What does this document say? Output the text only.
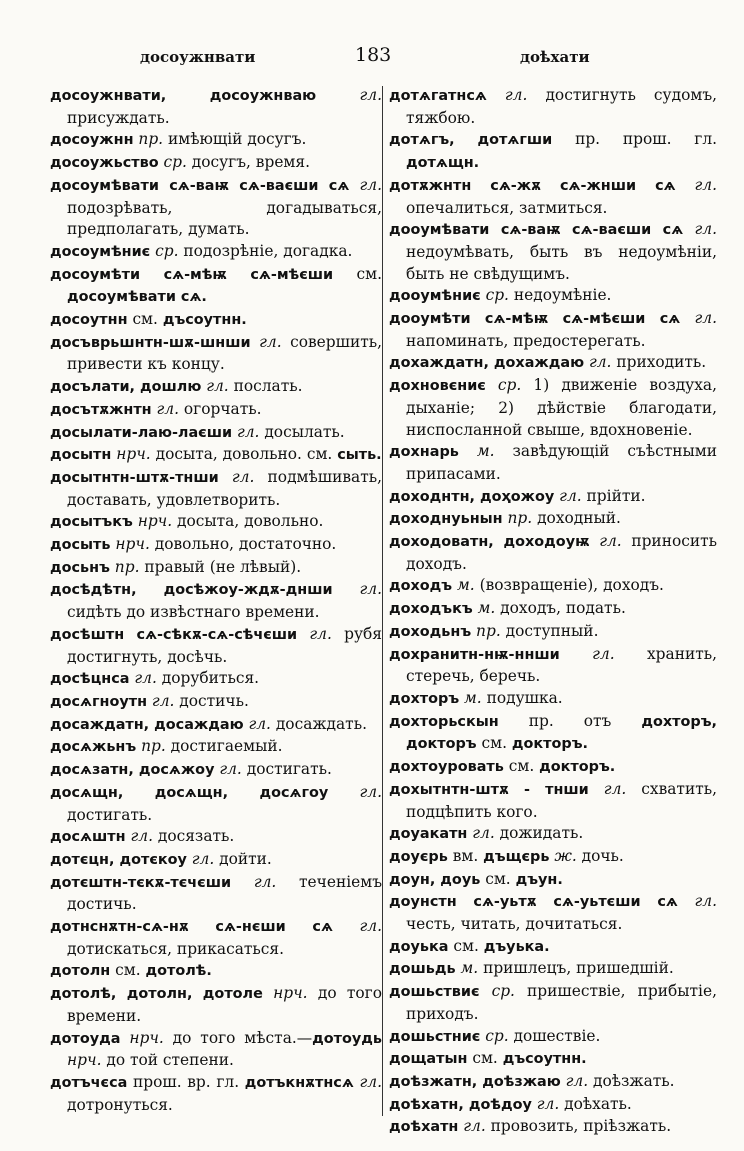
досоужнвати	183	доѣхати

досоужнвати, досоужнваю гл. присуждать.

досоужнн пр. имѣющій досугъ.

досоужьство ср. досугъ, время.

досоумѣвати сѧ-ваѭ сѧ-ваєши сѧ гл. подозрѣвать, догадываться, предполагать, думать.

досоумѣниє ср. подозрѣніе, догадка.

досоумѣти сѧ-мѣѭ сѧ-мѣєши см. досоумѣвати сѧ.

досоутнн см. дъсоутнн.

досъврьшнтн-шѫ-шнши гл. совершить, привести къ концу.

досълати, дошлю гл. послать.

досътѫжнтн гл. огорчать.

досылати-лаю-лаєши гл. досылать.

досытн нрч. досыта, довольно. см. сыть.

досытнтн-штѫ-тнши гл. подмѣшивать, доставать, удовлетворить.

досытъкъ нрч. досыта, довольно.

досыть нрч. довольно, достаточно.

досьнъ пр. правый (не лѣвый).

досѣдѣтн, досѣжоу-ждѫ-днши гл. сидѣть до извѣстнаго времени.

досѣштн сѧ-сѣкѫ-сѧ-сѣчєши гл. рубя достигнуть, досѣчь.

досѣцнса гл. дорубиться.

досѧгноутн гл. достичь.

досаждатн, досаждаю гл. досаждать.

досѧжьнъ пр. достигаемый.

досѧзатн, досѧжоу гл. достигать.

досѧщн, досѧщн, досѧгоу гл. достигать.

досѧштн гл. досязать.

дотєцн, дотєкоу гл. дойти.

дотєштн-тєкѫ-тєчєши гл. теченіемъ достичь.

дотнснѫтн-сѧ-нѫ сѧ-нєши сѧ гл. дотискаться, прикасаться.

дотолн см. дотолѣ.

дотолѣ, дотолн, дотоле нрч. до того времени.

дотоуда нрч. до того мѣста.—дотоудь нрч. до той степени.

дотъчєса прош. вр. гл. дотъкнѫтнсѧ гл. дотронуться.

дотѧгатнсѧ гл. достигнуть судомъ, тяжбою.

дотѧгъ, дотѧгши пр. прош. гл. дотѧщн.

дотѫжнтн сѧ-жѫ сѧ-жнши сѧ гл. опечалиться, затмиться.

дооумѣвати сѧ-ваѭ сѧ-ваєши сѧ гл. недоумѣвать, быть въ недоумѣніи, быть не свѣдущимъ.

дооумѣниє ср. недоумѣніе.

дооумѣти сѧ-мѣѭ сѧ-мѣєши сѧ гл. напоминать, предостерегать.

дохаждатн, дохаждаю гл. приходить.

дохновєниє ср. 1) движеніе воздуха, дыханіе; 2) дѣйствіе благодати, ниспосланной свыше, вдохновеніе.

дохнарь м. завѣдующій съѣстными припасами.

доходнтн, доҳожоу гл. прійти.

доходнуьнын пр. доходный.

доходоватн, доходоуѭ гл. приносить доходъ.

доходъ м. (возвращеніе), доходъ.

доходъкъ м. доходъ, подать.

доходьнъ пр. доступный.

дохранитн-нѭ-ннши гл. хранить, стеречь, беречь.

дохторъ м. подушка.

дохторьскын пр. отъ дохторъ, докторъ см. докторъ.

дохтоуровать см. докторъ.

дохытнтн-штѫ - тнши гл. схватить, подцѣпить кого.

доуакатн гл. дожидать.

доуєрь вм. дъщєрь ж. дочь.

доун, доуь см. дъун.

доунстн сѧ-уьтѫ сѧ-уьтєши сѧ гл. честь, читать, дочитаться.

доуька см. дъуька.

дошьдь м. пришлецъ, пришедшій.

дошьствиє ср. пришествіе, прибытіе, приходъ.

дошьстниє ср. дошествіе.

дощатын см. дъсоутнн.

доѣзжатн, доѣзжаю гл. доѣзжать.

доѣхатн, доѣдоу гл. доѣхать.

доѣхатн гл. провозить, пріѣзжать.
